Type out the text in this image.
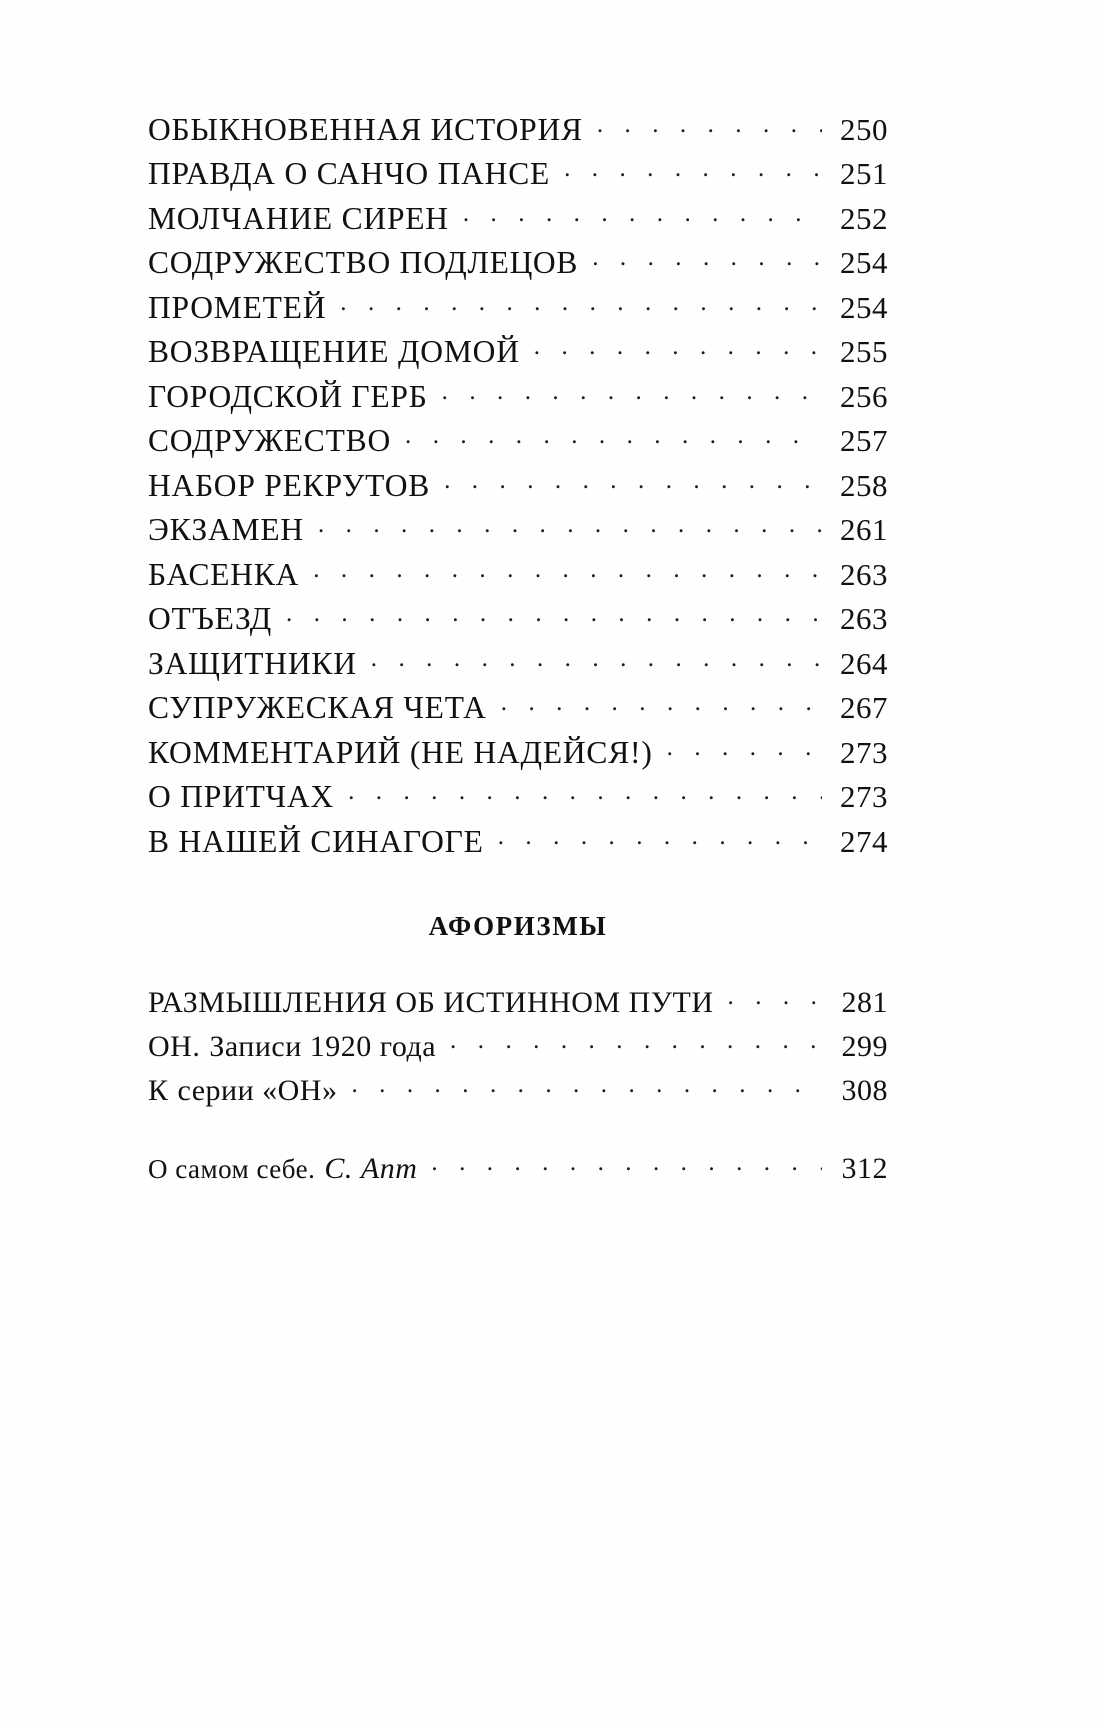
ОБЫКНОВЕННАЯ ИСТОРИЯ . . .	250
ПРАВДА О САНЧО ПАНСЕ . . .	251
МОЛЧАНИЕ СИРЕН . . .	252
СОДРУЖЕСТВО ПОДЛЕЦОВ . . .	254
ПРОМЕТЕЙ . . .	254
ВОЗВРАЩЕНИЕ ДОМОЙ . . .	255
ГОРОДСКОЙ ГЕРБ . . .	256
СОДРУЖЕСТВО . . .	257
НАБОР РЕКРУТОВ . . .	258
ЭКЗАМЕН . . .	261
БАСЕНКА . . .	263
ОТЪЕЗД . . .	263
ЗАЩИТНИКИ . . .	264
СУПРУЖЕСКАЯ ЧЕТА . . .	267
КОММЕНТАРИЙ (НЕ НАДЕЙСЯ!) . . .	273
О ПРИТЧАХ . . .	273
В НАШЕЙ СИНАГОГЕ . . .	274
АФОРИЗМЫ
РАЗМЫШЛЕНИЯ ОБ ИСТИННОМ ПУТИ . . .	281
ОН. Записи 1920 года . . .	299
К серии «ОН» . . .	308
О самом себе. С. Апт . . .	312
